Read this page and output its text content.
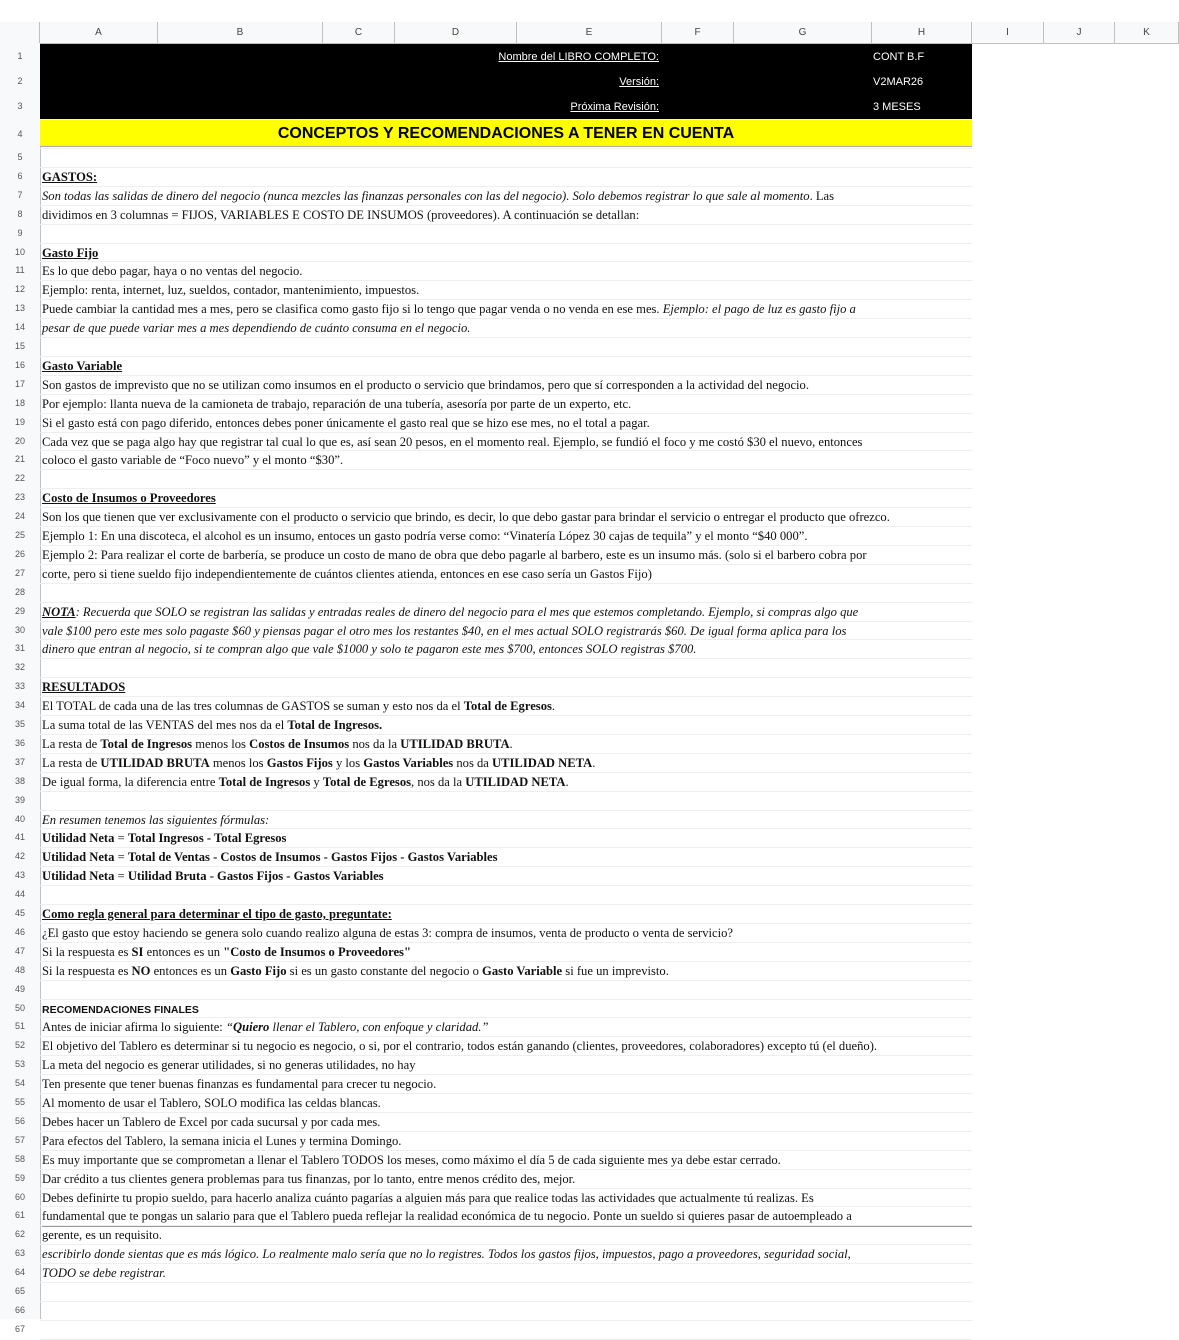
A	B	C	D	E	F	G	H	I	J	K
1
2
3
4
5
6
7
8
9
10
11
12
13
14
15
16
17
18
19
20
21
22
23
24
25
26
27
28
29
30
31
32
33
34
35
36
37
38
39
40
41
42
43
44
45
46
47
48
49
50
51
52
53
54
55
56
57
58
59
60
61
62
63
64
65
66
67
Nombre del LIBRO COMPLETO:	CONT B.F
Versión:	V2MAR26
Próxima Revisión:	3 MESES
CONCEPTOS Y RECOMENDACIONES A TENER EN CUENTA
GASTOS:
Son todas las salidas de dinero del negocio (nunca mezcles las finanzas personales con las del negocio). Solo debemos registrar lo que sale al momento. Las
dividimos en 3 columnas = FIJOS, VARIABLES E COSTO DE INSUMOS (proveedores). A continuación se detallan:
Gasto Fijo
Es lo que debo pagar, haya o no ventas del negocio.
Ejemplo: renta, internet, luz, sueldos, contador, mantenimiento, impuestos.
Puede cambiar la cantidad mes a mes, pero se clasifica como gasto fijo si lo tengo que pagar venda o no venda en ese mes. Ejemplo: el pago de luz es gasto fijo a
pesar de que puede variar mes a mes dependiendo de cuánto consuma en el negocio.
Gasto Variable
Son gastos de imprevisto que no se utilizan como insumos en el producto o servicio que brindamos, pero que sí corresponden a la actividad del negocio.
Por ejemplo: llanta nueva de la camioneta de trabajo, reparación de una tubería, asesoría por parte de un experto, etc.
Si el gasto está con pago diferido, entonces debes poner únicamente el gasto real que se hizo ese mes, no el total a pagar.
Cada vez que se paga algo hay que registrar tal cual lo que es, así sean 20 pesos, en el momento real. Ejemplo, se fundió el foco y me costó $30 el nuevo, entonces
coloco el gasto variable de “Foco nuevo” y el monto “$30”.
Costo de Insumos o Proveedores
Son los que tienen que ver exclusivamente con el producto o servicio que brindo, es decir, lo que debo gastar para brindar el servicio o entregar el producto que ofrezco.
Ejemplo 1: En una discoteca, el alcohol es un insumo, entoces un gasto podría verse como: “Vinatería López 30 cajas de tequila” y el monto “$40 000”.
Ejemplo 2: Para realizar el corte de barbería, se produce un costo de mano de obra que debo pagarle al barbero, este es un insumo más. (solo si el barbero cobra por
corte, pero si tiene sueldo fijo independientemente de cuántos clientes atienda, entonces en ese caso sería un Gastos Fijo)
NOTA: Recuerda que SOLO se registran las salidas y entradas reales de dinero del negocio para el mes que estemos completando. Ejemplo, si compras algo que
vale $100 pero este mes solo pagaste $60 y piensas pagar el otro mes los restantes $40, en el mes actual SOLO registrarás $60. De igual forma aplica para los
dinero que entran al negocio, si te compran algo que vale $1000 y solo te pagaron este mes $700, entonces SOLO registras $700.
RESULTADOS
El TOTAL de cada una de las tres columnas de GASTOS se suman y esto nos da el Total de Egresos.
La suma total de las VENTAS del mes nos da el Total de Ingresos.
La resta de Total de Ingresos menos los Costos de Insumos nos da la UTILIDAD BRUTA.
La resta de UTILIDAD BRUTA menos los Gastos Fijos y los Gastos Variables nos da UTILIDAD NETA.
De igual forma, la diferencia entre Total de Ingresos y Total de Egresos, nos da la UTILIDAD NETA.
En resumen tenemos las siguientes fórmulas:
Utilidad Neta = Total Ingresos - Total Egresos
Utilidad Neta = Total de Ventas - Costos de Insumos - Gastos Fijos - Gastos Variables
Utilidad Neta = Utilidad Bruta - Gastos Fijos - Gastos Variables
Como regla general para determinar el tipo de gasto, preguntate:
¿El gasto que estoy haciendo se genera solo cuando realizo alguna de estas 3: compra de insumos, venta de producto o venta de servicio?
Si la respuesta es SI entonces es un "Costo de Insumos o Proveedores"
Si la respuesta es NO entonces es un Gasto Fijo si es un gasto constante del negocio o Gasto Variable si fue un imprevisto.
RECOMENDACIONES FINALES
Antes de iniciar afirma lo siguiente: “Quiero llenar el Tablero, con enfoque y claridad.”
El objetivo del Tablero es determinar si tu negocio es negocio, o si, por el contrario, todos están ganando (clientes, proveedores, colaboradores) excepto tú (el dueño).
La meta del negocio es generar utilidades, si no generas utilidades, no hay
Ten presente que tener buenas finanzas es fundamental para crecer tu negocio.
Al momento de usar el Tablero, SOLO modifica las celdas blancas.
Debes hacer un Tablero de Excel por cada sucursal y por cada mes.
Para efectos del Tablero, la semana inicia el Lunes y termina Domingo.
Es muy importante que se comprometan a llenar el Tablero TODOS los meses, como máximo el día 5 de cada siguiente mes ya debe estar cerrado.
Dar crédito a tus clientes genera problemas para tus finanzas, por lo tanto, entre menos crédito des, mejor.
Debes definirte tu propio sueldo, para hacerlo analiza cuánto pagarías a alguien más para que realice todas las actividades que actualmente tú realizas. Es
fundamental que te pongas un salario para que el Tablero pueda reflejar la realidad económica de tu negocio. Ponte un sueldo si quieres pasar de autoempleado a
gerente, es un requisito.
escribirlo donde sientas que es más lógico. Lo realmente malo sería que no lo registres. Todos los gastos fijos, impuestos, pago a proveedores, seguridad social,
TODO se debe registrar.
